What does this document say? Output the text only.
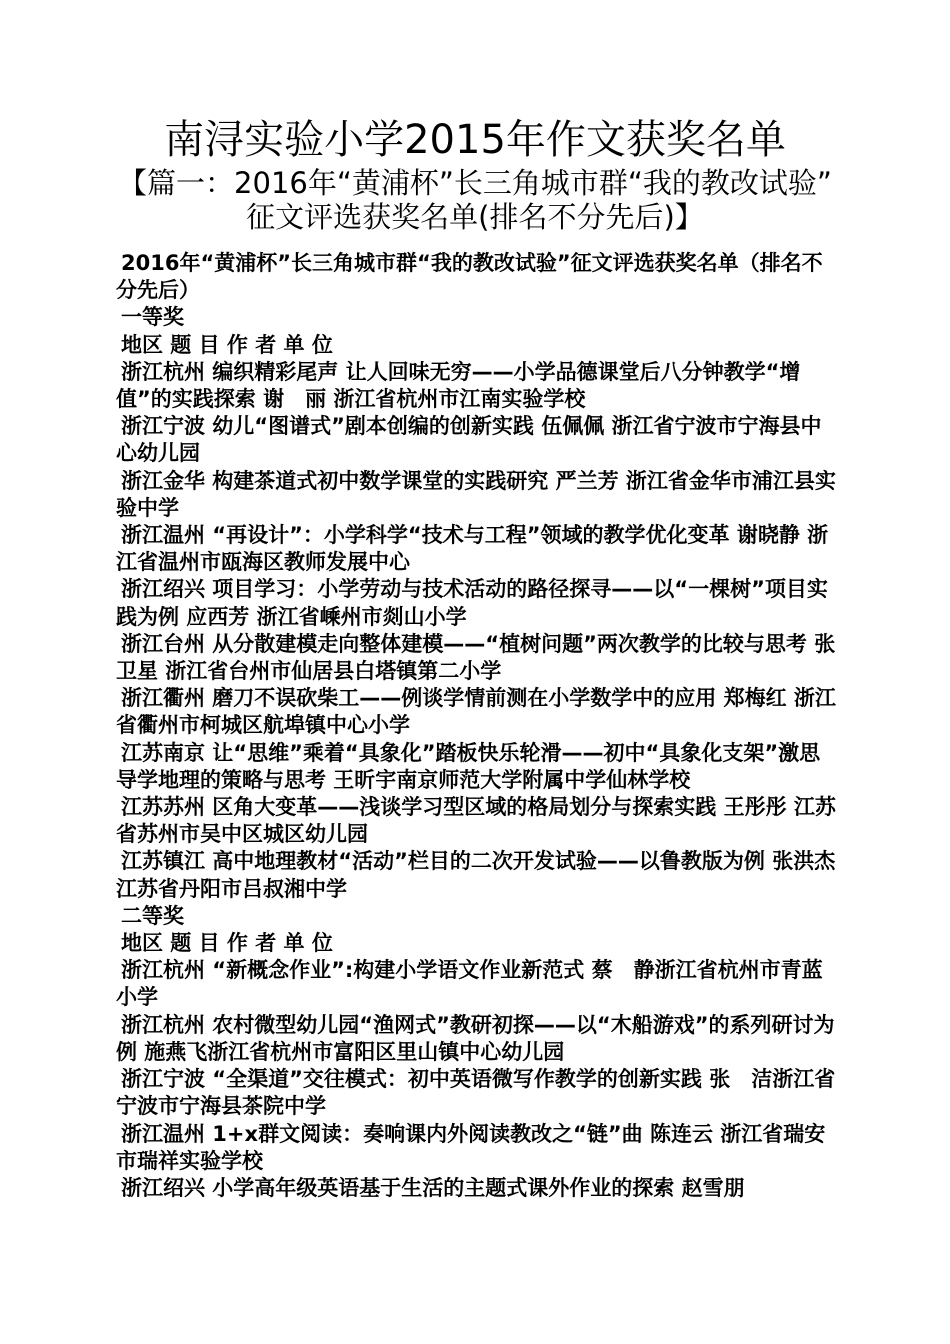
南浔实验小学2015年作文获奖名单
【篇一：2016年“黄浦杯”长三角城市群“我的教改试验”
征文评选获奖名单(排名不分先后)】

2016年“黄浦杯”长三角城市群“我的教改试验”征文评选获奖名单（排名不分先后）

一等奖

地区 题 目 作 者 单 位

浙江杭州 编织精彩尾声 让人回味无穷——小学品德课堂后八分钟教学“增值”的实践探索 谢　丽 浙江省杭州市江南实验学校

浙江宁波 幼儿“图谱式”剧本创编的创新实践 伍佩佩 浙江省宁波市宁海县中心幼儿园

浙江金华 构建茶道式初中数学课堂的实践研究 严兰芳 浙江省金华市浦江县实验中学

浙江温州 “再设计”：小学科学“技术与工程”领域的教学优化变革 谢晓静 浙江省温州市瓯海区教师发展中心

浙江绍兴 项目学习：小学劳动与技术活动的路径探寻——以“一棵树”项目实践为例 应西芳 浙江省嵊州市剡山小学

浙江台州 从分散建模走向整体建模——“植树问题”两次教学的比较与思考 张卫星 浙江省台州市仙居县白塔镇第二小学

浙江衢州 磨刀不误砍柴工——例谈学情前测在小学数学中的应用 郑梅红 浙江省衢州市柯城区航埠镇中心小学

江苏南京 让“思维”乘着“具象化”踏板快乐轮滑——初中“具象化支架”激思导学地理的策略与思考 王昕宇南京师范大学附属中学仙林学校

江苏苏州 区角大变革——浅谈学习型区域的格局划分与探索实践 王彤彤 江苏省苏州市吴中区城区幼儿园

江苏镇江 高中地理教材“活动”栏目的二次开发试验——以鲁教版为例 张洪杰 江苏省丹阳市吕叔湘中学

二等奖

地区 题 目 作 者 单 位

浙江杭州 “新概念作业”:构建小学语文作业新范式 蔡　静浙江省杭州市青蓝小学

浙江杭州 农村微型幼儿园“渔网式”教研初探——以“木船游戏”的系列研讨为例 施燕飞浙江省杭州市富阳区里山镇中心幼儿园

浙江宁波 “全渠道”交往模式：初中英语微写作教学的创新实践 张　洁浙江省宁波市宁海县茶院中学

浙江温州 1+x群文阅读：奏响课内外阅读教改之“链”曲 陈连云 浙江省瑞安市瑞祥实验学校

浙江绍兴 小学高年级英语基于生活的主题式课外作业的探索 赵雪朋
